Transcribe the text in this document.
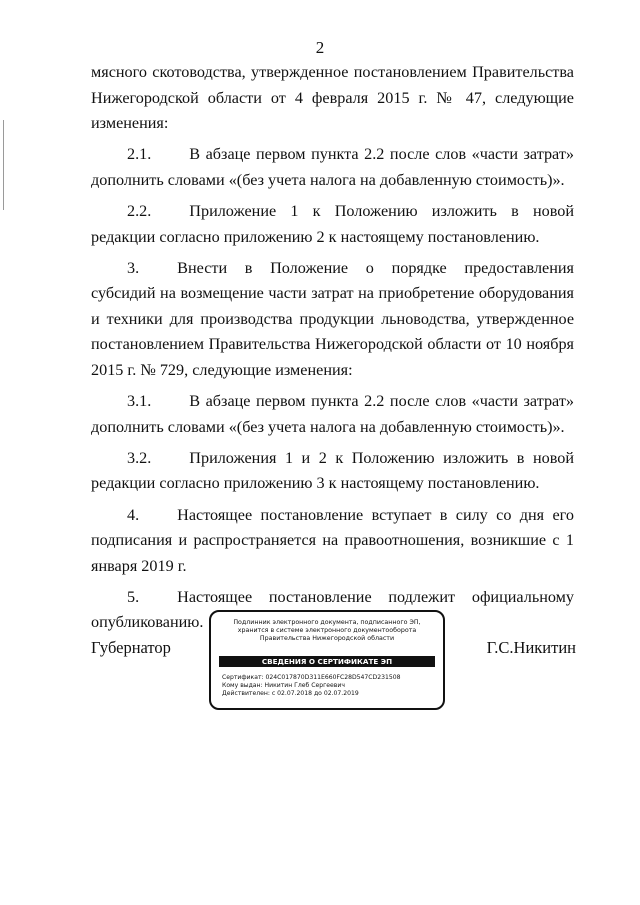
2

мясного скотоводства, утвержденное постановлением Правительства Нижегородской области от 4 февраля 2015 г. № 47, следующие изменения:

2.1. В абзаце первом пункта 2.2 после слов «части затрат» дополнить словами «(без учета налога на добавленную стоимость)».

2.2. Приложение 1 к Положению изложить в новой редакции согласно приложению 2 к настоящему постановлению.

3. Внести в Положение о порядке предоставления субсидий на возмещение части затрат на приобретение оборудования и техники для производства продукции льноводства, утвержденное постановлением Правительства Нижегородской области от 10 ноября 2015 г. № 729, следующие изменения:

3.1. В абзаце первом пункта 2.2 после слов «части затрат» дополнить словами «(без учета налога на добавленную стоимость)».

3.2. Приложения 1 и 2 к Положению изложить в новой редакции согласно приложению 3 к настоящему постановлению.

4. Настоящее постановление вступает в силу со дня его подписания и распространяется на правоотношения, возникшие с 1 января 2019 г.

5. Настоящее постановление подлежит официальному опубликованию.

Губернатор	Г.С.Никитин
Подлинник электронного документа, подписанного ЭП,
хранится в системе электронного документооборота
Правительства Нижегородской области
СВЕДЕНИЯ О СЕРТИФИКАТЕ ЭП
Сертификат: 024C017870D311E660FC28D547CD231508
Кому выдан: Никитин Глеб Сергеевич
Действителен: с 02.07.2018 до 02.07.2019
